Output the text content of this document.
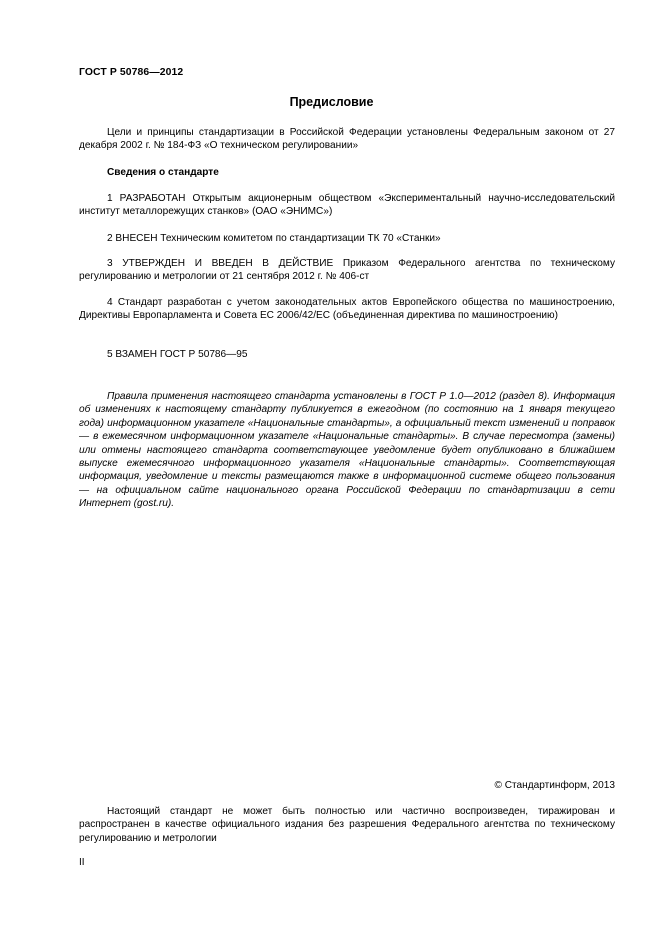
ГОСТ Р 50786—2012
Предисловие

Цели и принципы стандартизации в Российской Федерации установлены Федеральным законом от 27 декабря 2002 г. № 184-ФЗ «О техническом регулировании»

Сведения о стандарте

1 РАЗРАБОТАН Открытым акционерным обществом «Экспериментальный научно-исследовательский институт металлорежущих станков» (ОАО «ЭНИМС»)

2 ВНЕСЕН Техническим комитетом по стандартизации ТК 70 «Станки»

3 УТВЕРЖДЕН И ВВЕДЕН В ДЕЙСТВИЕ Приказом Федерального агентства по техническому регулированию и метрологии от 21 сентября 2012 г. № 406-ст

4 Стандарт разработан с учетом законодательных актов Европейского общества по машиностроению, Директивы Европарламента и Совета ЕС 2006/42/ЕС (объединенная директива по машиностроению)

5 ВЗАМЕН ГОСТ Р 50786—95

Правила применения настоящего стандарта установлены в ГОСТ Р 1.0—2012 (раздел 8). Информация об изменениях к настоящему стандарту публикуется в ежегодном (по состоянию на 1 января текущего года) информационном указателе «Национальные стандарты», а официальный текст изменений и поправок — в ежемесячном информационном указателе «Национальные стандарты». В случае пересмотра (замены) или отмены настоящего стандарта соответствующее уведомление будет опубликовано в ближайшем выпуске ежемесячного информационного указателя «Национальные стандарты». Соответствующая информация, уведомление и тексты размещаются также в информационной системе общего пользования — на официальном сайте национального органа Российской Федерации по стандартизации в сети Интернет (gost.ru).

© Стандартинформ, 2013

Настоящий стандарт не может быть полностью или частично воспроизведен, тиражирован и распространен в качестве официального издания без разрешения Федерального агентства по техническому регулированию и метрологии

II
